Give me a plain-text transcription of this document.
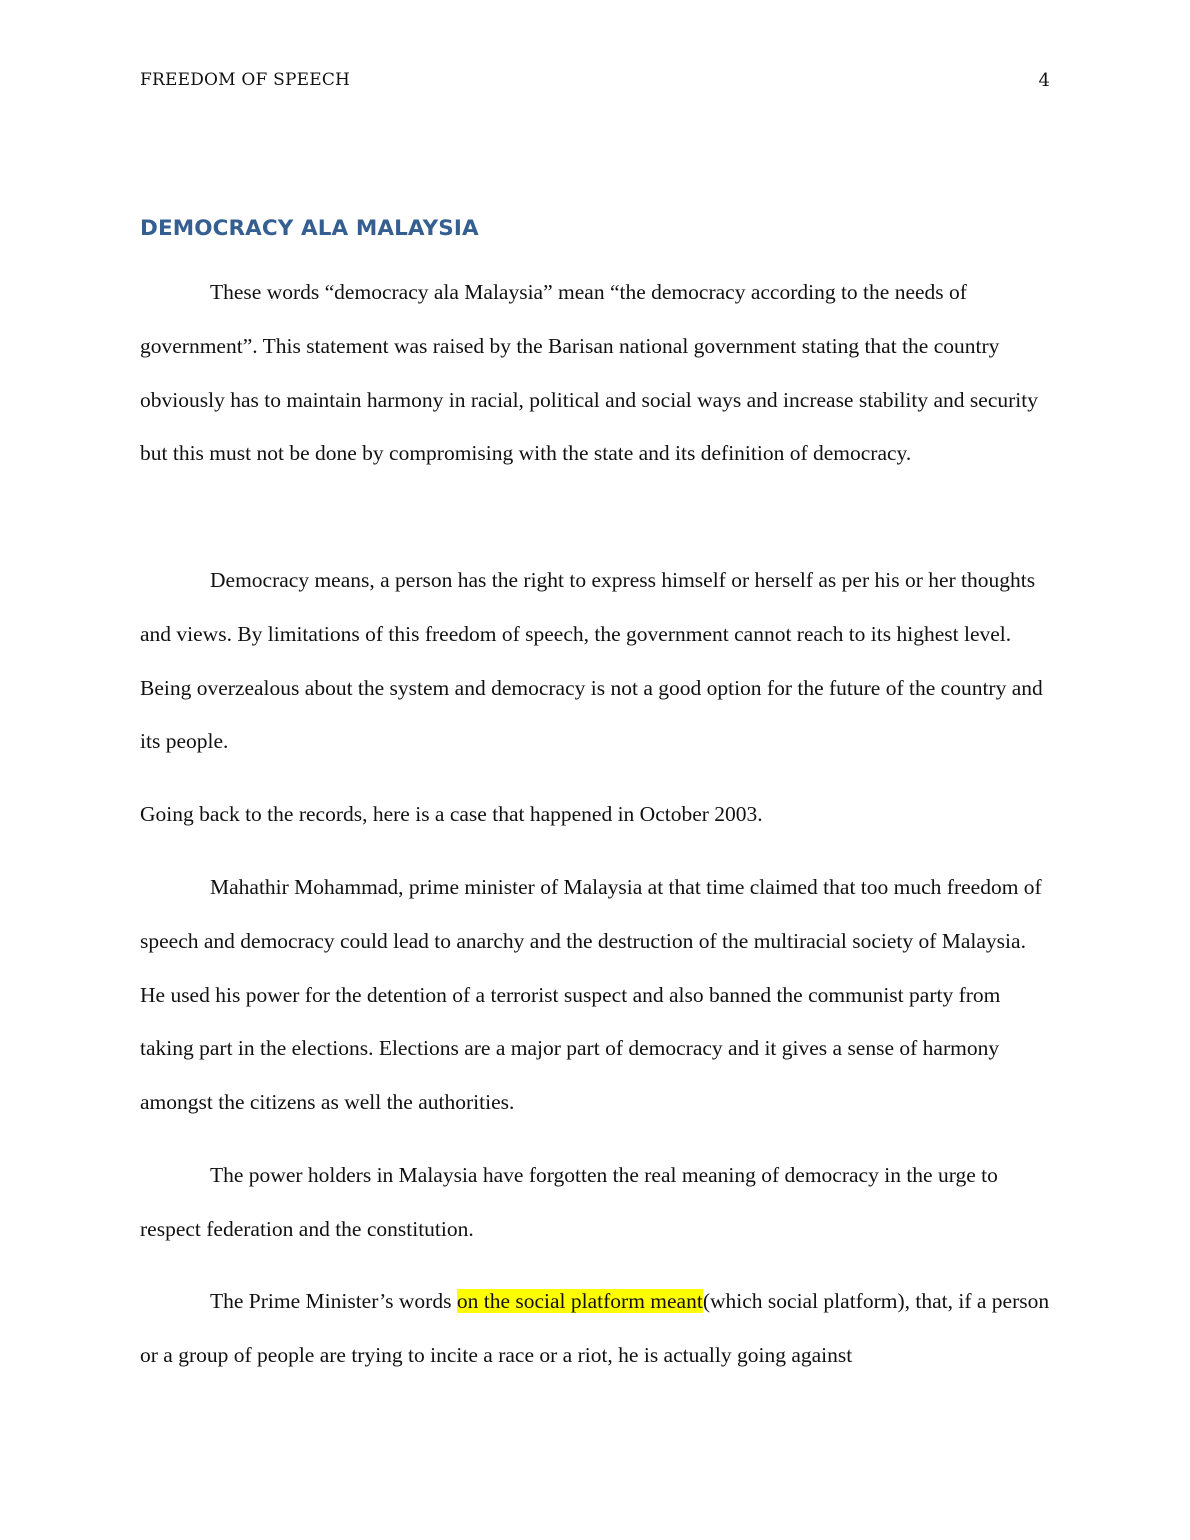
FREEDOM OF SPEECH	4
DEMOCRACY ALA MALAYSIA

These words “democracy ala Malaysia” mean “the democracy according to the needs of government”. This statement was raised by the Barisan national government stating that the country obviously has to maintain harmony in racial, political and social ways and increase stability and security but this must not be done by compromising with the state and its definition of democracy.

Democracy means, a person has the right to express himself or herself as per his or her thoughts and views. By limitations of this freedom of speech, the government cannot reach to its highest level. Being overzealous about the system and democracy is not a good option for the future of the country and its people.

Going back to the records, here is a case that happened in October 2003.

Mahathir Mohammad, prime minister of Malaysia at that time claimed that too much freedom of speech and democracy could lead to anarchy and the destruction of the multiracial society of Malaysia. He used his power for the detention of a terrorist suspect and also banned the communist party from taking part in the elections. Elections are a major part of democracy and it gives a sense of harmony amongst the citizens as well the authorities.

The power holders in Malaysia have forgotten the real meaning of democracy in the urge to respect federation and the constitution.

The Prime Minister’s words on the social platform meant(which social platform), that, if a person or a group of people are trying to incite a race or a riot, he is actually going against
